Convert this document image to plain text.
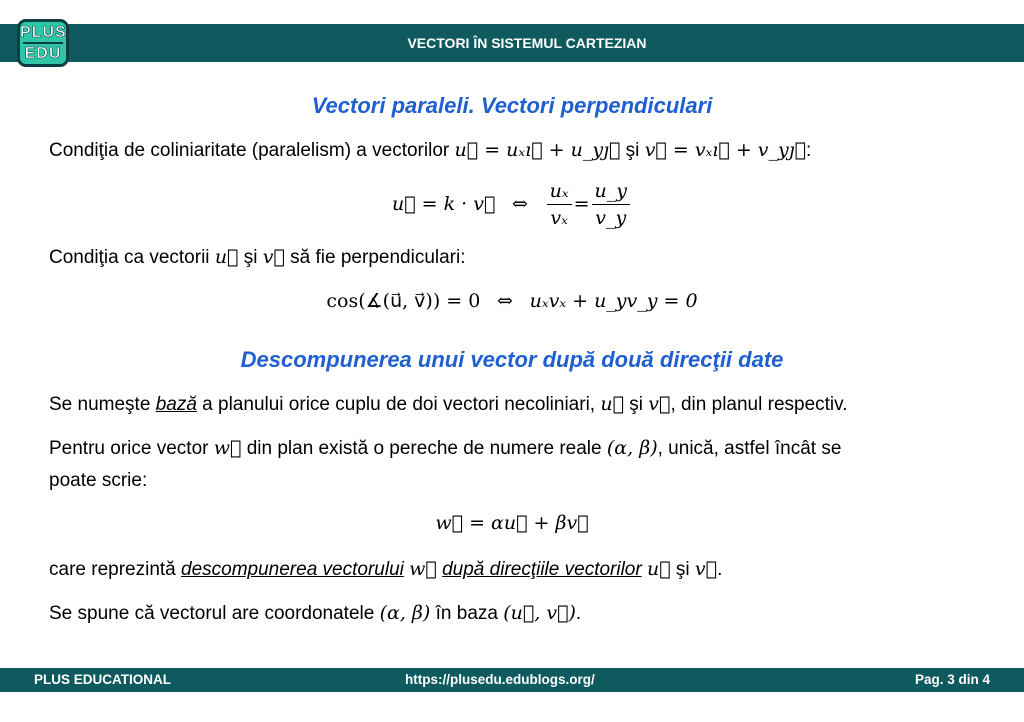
VECTORI ÎN SISTEMUL CARTEZIAN
PLUS
EDU
Vectori paraleli. Vectori perpendiculari
Condiţia de coliniaritate (paralelism) a vectorilor u⃗ = uₓı⃗ + u_yȷ⃗ şi v⃗ = vₓı⃗ + v_yȷ⃗:
u⃗ = k · v⃗ ⇔ $\frac{\text{uₓ}}{\text{vₓ}} = \frac{u\_y}{v\_y}$
Condiţia ca vectorii u⃗ şi v⃗ să fie perpendiculari:
cos(∡(u⃗, v⃗)) = 0 ⇔ uₓvₓ + u_yv_y = 0
Descompunerea unui vector după două direcţii date
Se numeşte bază a planului orice cuplu de doi vectori necoliniari, u⃗ şi v⃗, din planul respectiv.
Pentru orice vector w⃗ din plan există o pereche de numere reale (α, β), unică, astfel încât se
poate scrie:
w⃗ = αu⃗ + βv⃗
care reprezintă descompunerea vectorului w⃗ după direcţiile vectorilor u⃗ şi v⃗.
Se spune că vectorul are coordonatele (α, β) în baza (u⃗, v⃗).
PLUS EDUCATIONAL	https://plusedu.edublogs.org/	Pag. 3 din 4
